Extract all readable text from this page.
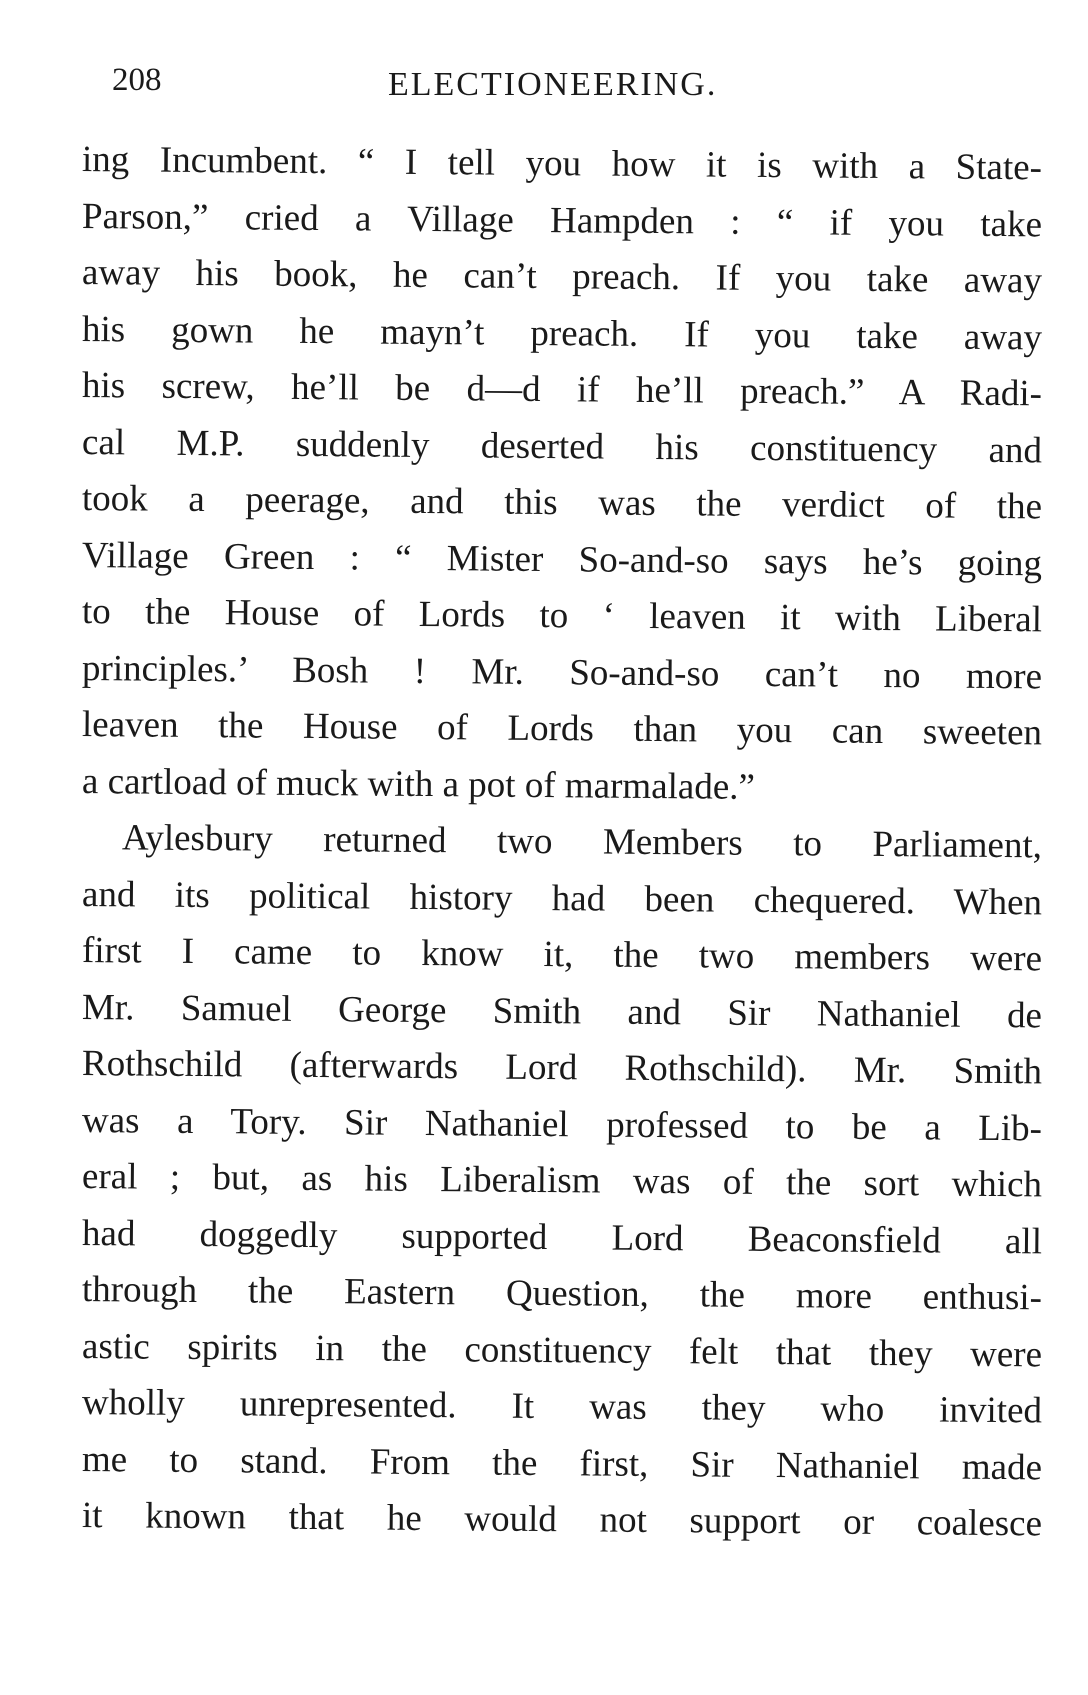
208	ELECTIONEERING.
ing Incumbent. “ I tell you how it is with a State-
Parson,” cried a Village Hampden : “ if you take
away his book, he can’t preach. If you take away
his gown he mayn’t preach. If you take away
his screw, he’ll be d—d if he’ll preach.” A Radi-
cal M.P. suddenly deserted his constituency and
took a peerage, and this was the verdict of the
Village Green : “ Mister So-and-so says he’s going
to the House of Lords to ‘ leaven it with Liberal
principles.’ Bosh ! Mr. So-and-so can’t no more
leaven the House of Lords than you can sweeten
a cartload of muck with a pot of marmalade.”
Aylesbury returned two Members to Parliament,
and its political history had been chequered. When
first I came to know it, the two members were
Mr. Samuel George Smith and Sir Nathaniel de
Rothschild (afterwards Lord Rothschild). Mr. Smith
was a Tory. Sir Nathaniel professed to be a Lib-
eral ; but, as his Liberalism was of the sort which
had doggedly supported Lord Beaconsfield all
through the Eastern Question, the more enthusi-
astic spirits in the constituency felt that they were
wholly unrepresented. It was they who invited
me to stand. From the first, Sir Nathaniel made
it known that he would not support or coalesce
